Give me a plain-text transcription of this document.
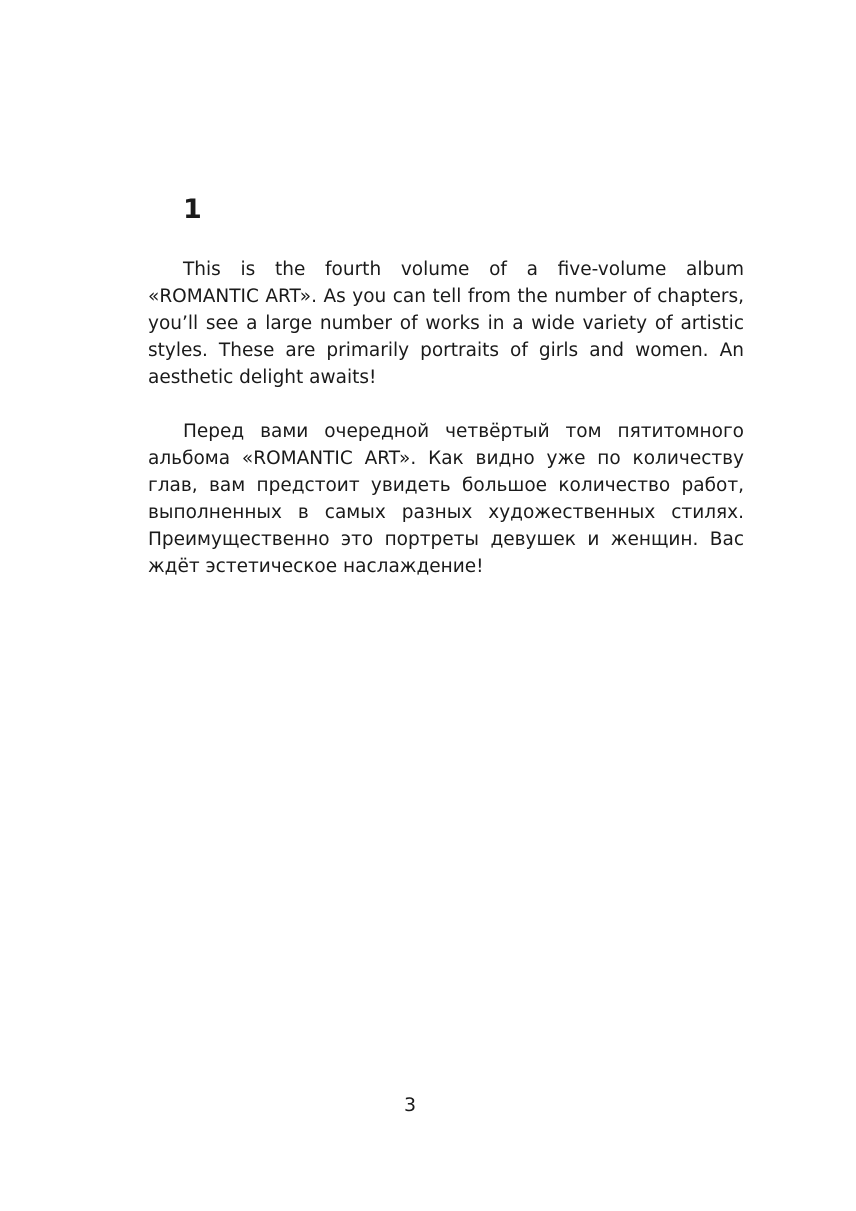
1

This is the fourth volume of a five-volume album «ROMANTIC ART». As you can tell from the number of chapters, you’ll see a large number of works in a wide variety of artistic styles. These are primarily portraits of girls and women. An aesthetic delight awaits!

Перед вами очередной четвёртый том пятитомного альбома «ROMANTIC ART». Как видно уже по количеству глав, вам предстоит увидеть большое количество работ, выполненных в самых разных художественных стилях. Преимущественно это портреты девушек и женщин. Вас ждёт эстетическое наслаждение!

3
